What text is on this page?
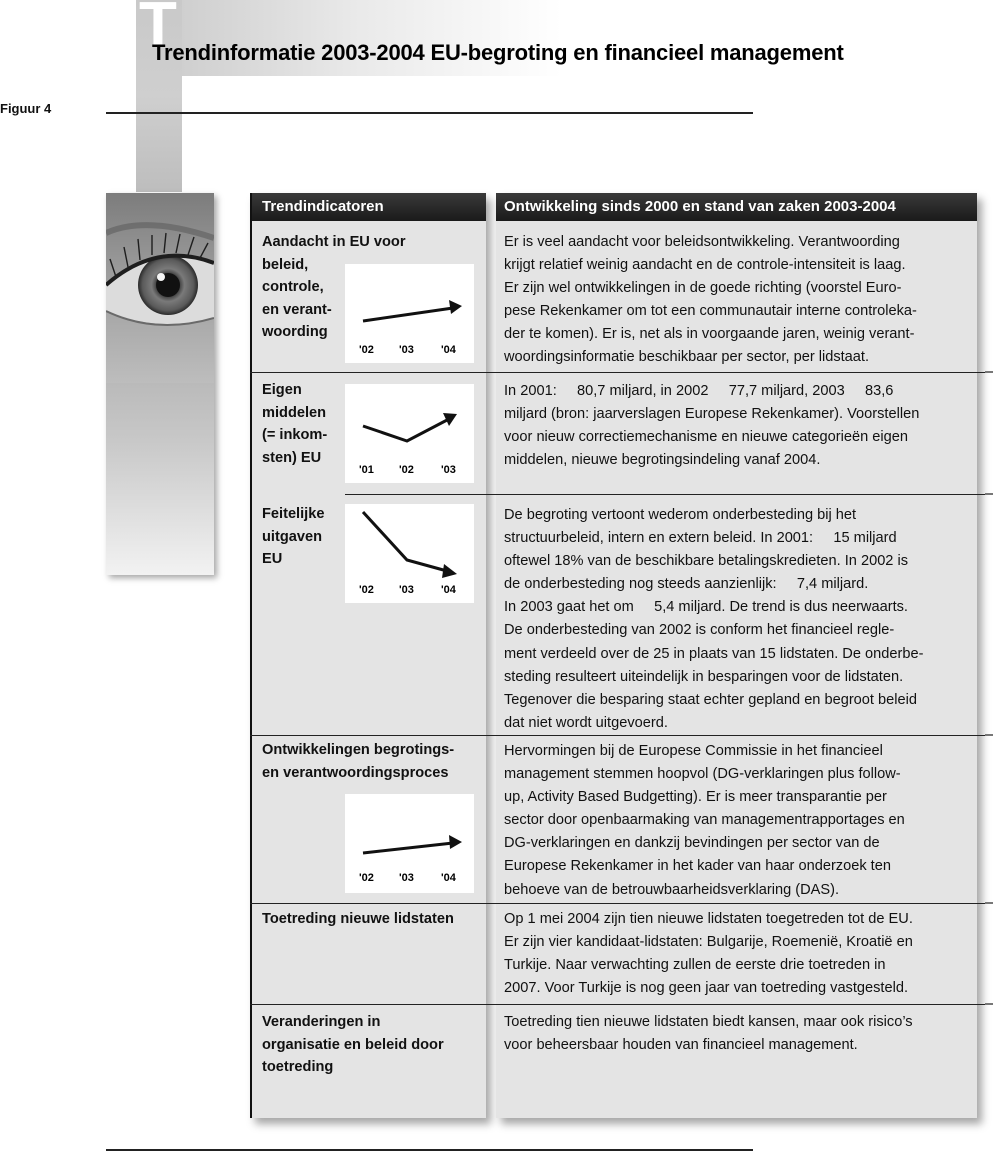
T
Trendinformatie 2003-2004 EU-begroting en financieel management
Figuur 4
Trendindicatoren
Aandacht in EU voor
beleid,
controle,
en verant-
woording
Eigen
middelen
(= inkom-
sten) EU
Feitelijke
uitgaven
EU
Ontwikkelingen begrotings-
en verantwoordingsproces
Toetreding nieuwe lidstaten
Veranderingen in
organisatie en beleid door
toetreding
Ontwikkeling sinds 2000 en stand van zaken 2003-2004
Er is veel aandacht voor beleidsontwikkeling. Verantwoording
krijgt relatief weinig aandacht en de controle-intensiteit is laag.
Er zijn wel ontwikkelingen in de goede richting (voorstel Euro-
pese Rekenkamer om tot een communautair interne controleka-
der te komen). Er is, net als in voorgaande jaren, weinig verant-
woordingsinformatie beschikbaar per sector, per lidstaat.
In 2001:     80,7 miljard, in 2002     77,7 miljard, 2003     83,6
miljard (bron: jaarverslagen Europese Rekenkamer). Voorstellen
voor nieuw correctiemechanisme en nieuwe categorieën eigen
middelen, nieuwe begrotingsindeling vanaf 2004.
De begroting vertoont wederom onderbesteding bij het
structuurbeleid, intern en extern beleid. In 2001:     15 miljard
oftewel 18% van de beschikbare betalingskredieten. In 2002 is
de onderbesteding nog steeds aanzienlijk:     7,4 miljard.
In 2003 gaat het om     5,4 miljard. De trend is dus neerwaarts.
De onderbesteding van 2002 is conform het financieel regle-
ment verdeeld over de 25 in plaats van 15 lidstaten. De onderbe-
steding resulteert uiteindelijk in besparingen voor de lidstaten.
Tegenover die besparing staat echter gepland en begroot beleid
dat niet wordt uitgevoerd.
Hervormingen bij de Europese Commissie in het financieel
management stemmen hoopvol (DG-verklaringen plus follow-
up, Activity Based Budgetting). Er is meer transparantie per
sector door openbaarmaking van managementrapportages en
DG-verklaringen en dankzij bevindingen per sector van de
Europese Rekenkamer in het kader van haar onderzoek ten
behoeve van de betrouwbaarheidsverklaring (DAS).
Op 1 mei 2004 zijn tien nieuwe lidstaten toegetreden tot de EU.
Er zijn vier kandidaat-lidstaten: Bulgarije, Roemenië, Kroatië en
Turkije. Naar verwachting zullen de eerste drie toetreden in
2007. Voor Turkije is nog geen jaar van toetreding vastgesteld.
Toetreding tien nieuwe lidstaten biedt kansen, maar ook risico’s
voor beheersbaar houden van financieel management.
'02 '03 '04
'01 '02 '03
'02 '03 '04
'02 '03 '04
